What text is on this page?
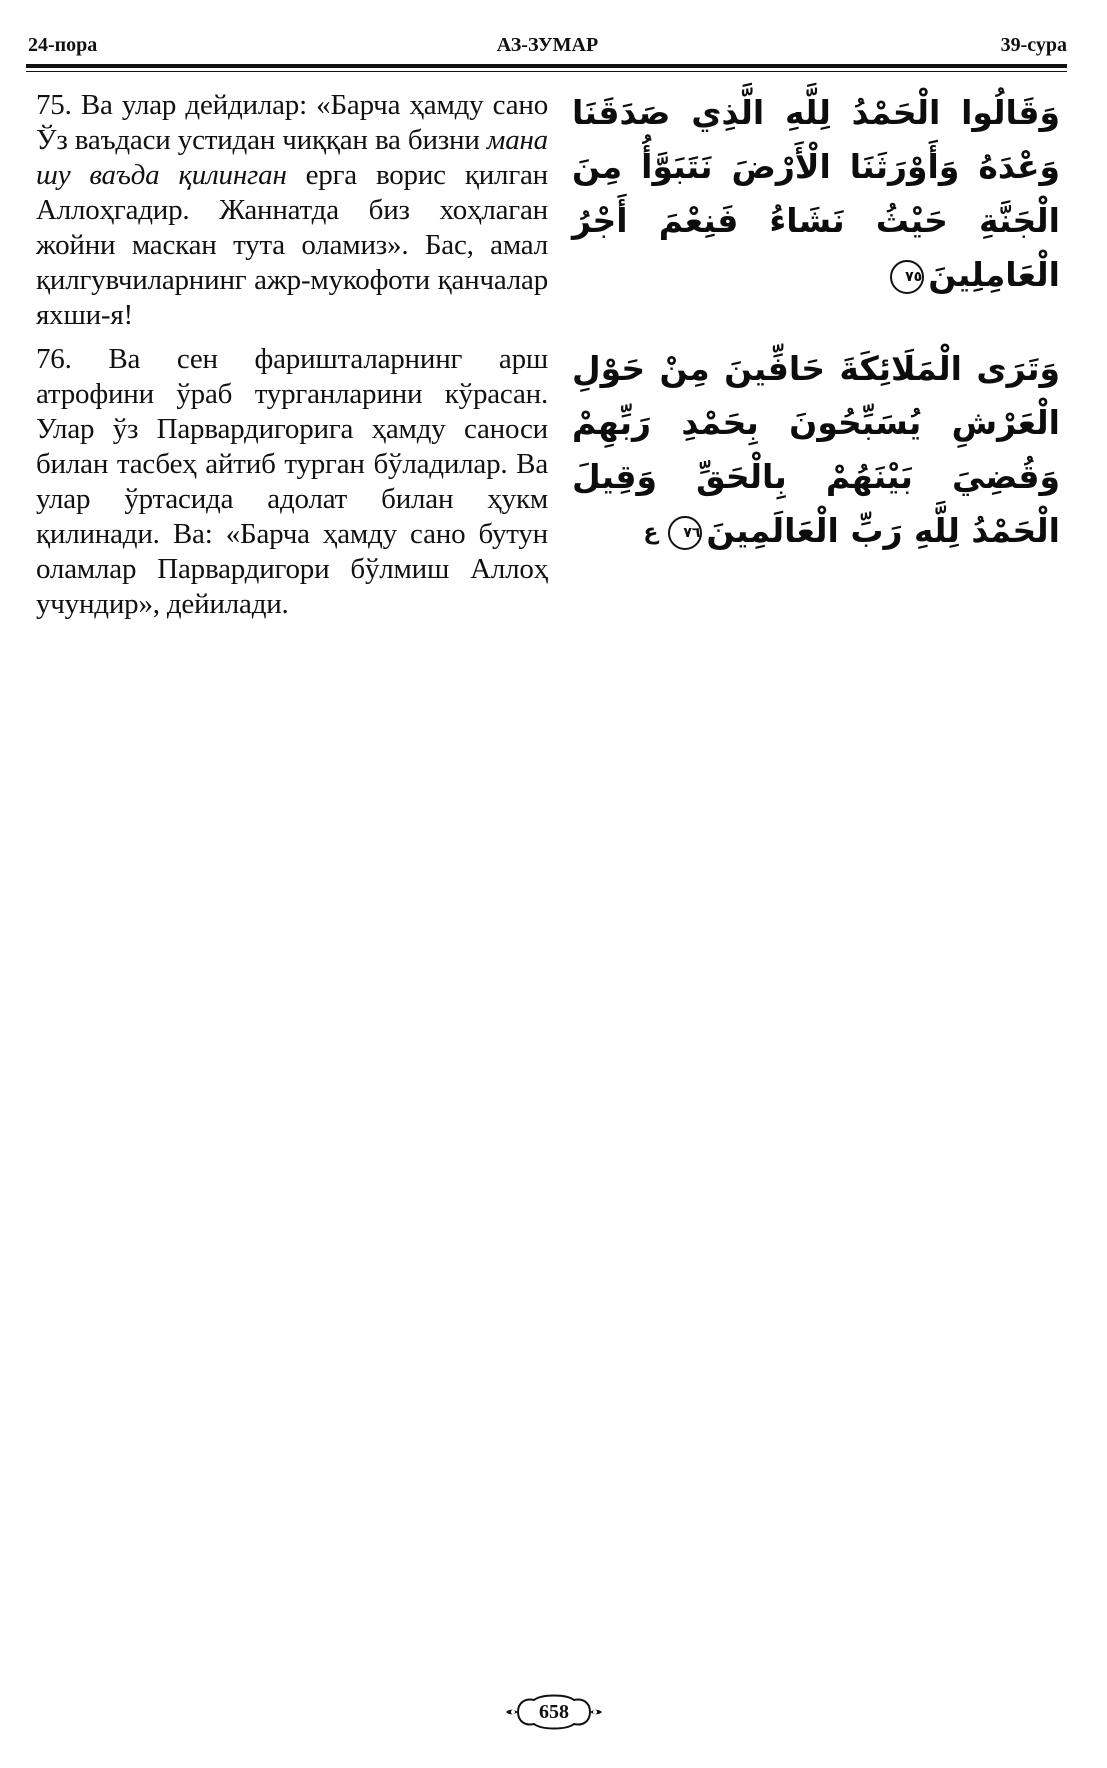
24-пора	АЗ-ЗУМАР	39-сура
75. Ва улар дейдилар: «Барча ҳамду сано Ўз ваъдаси устидан чиққан ва бизни мана шу ваъда қилинган ерга ворис қилган Аллоҳгадир. Жаннатда биз хоҳлаган жойни маскан тута оламиз». Бас, амал қилгувчиларнинг ажр-мукофоти қанчалар яхши-я!
وَقَالُوا الْحَمْدُ لِلَّهِ الَّذِي صَدَقَنَا وَعْدَهُ وَأَوْرَثَنَا الْأَرْضَ نَتَبَوَّأُ مِنَ الْجَنَّةِ حَيْثُ نَشَاءُ فَنِعْمَ أَجْرُ الْعَامِلِينَ٧٥
76. Ва сен фаришталарнинг арш атрофини ўраб турганларини кўрасан. Улар ўз Парвардигорига ҳамду саноси билан тасбеҳ айтиб турган бўладилар. Ва улар ўртасида адолат билан ҳукм қилинади. Ва: «Барча ҳамду сано бутун оламлар Парвардигори бўлмиш Аллоҳ учундир», дейилади.
وَتَرَى الْمَلَائِكَةَ حَافِّينَ مِنْ حَوْلِ الْعَرْشِ يُسَبِّحُونَ بِحَمْدِ رَبِّهِمْ وَقُضِيَ بَيْنَهُمْ بِالْحَقِّ وَقِيلَ الْحَمْدُ لِلَّهِ رَبِّ الْعَالَمِينَ٧٦ع
658
